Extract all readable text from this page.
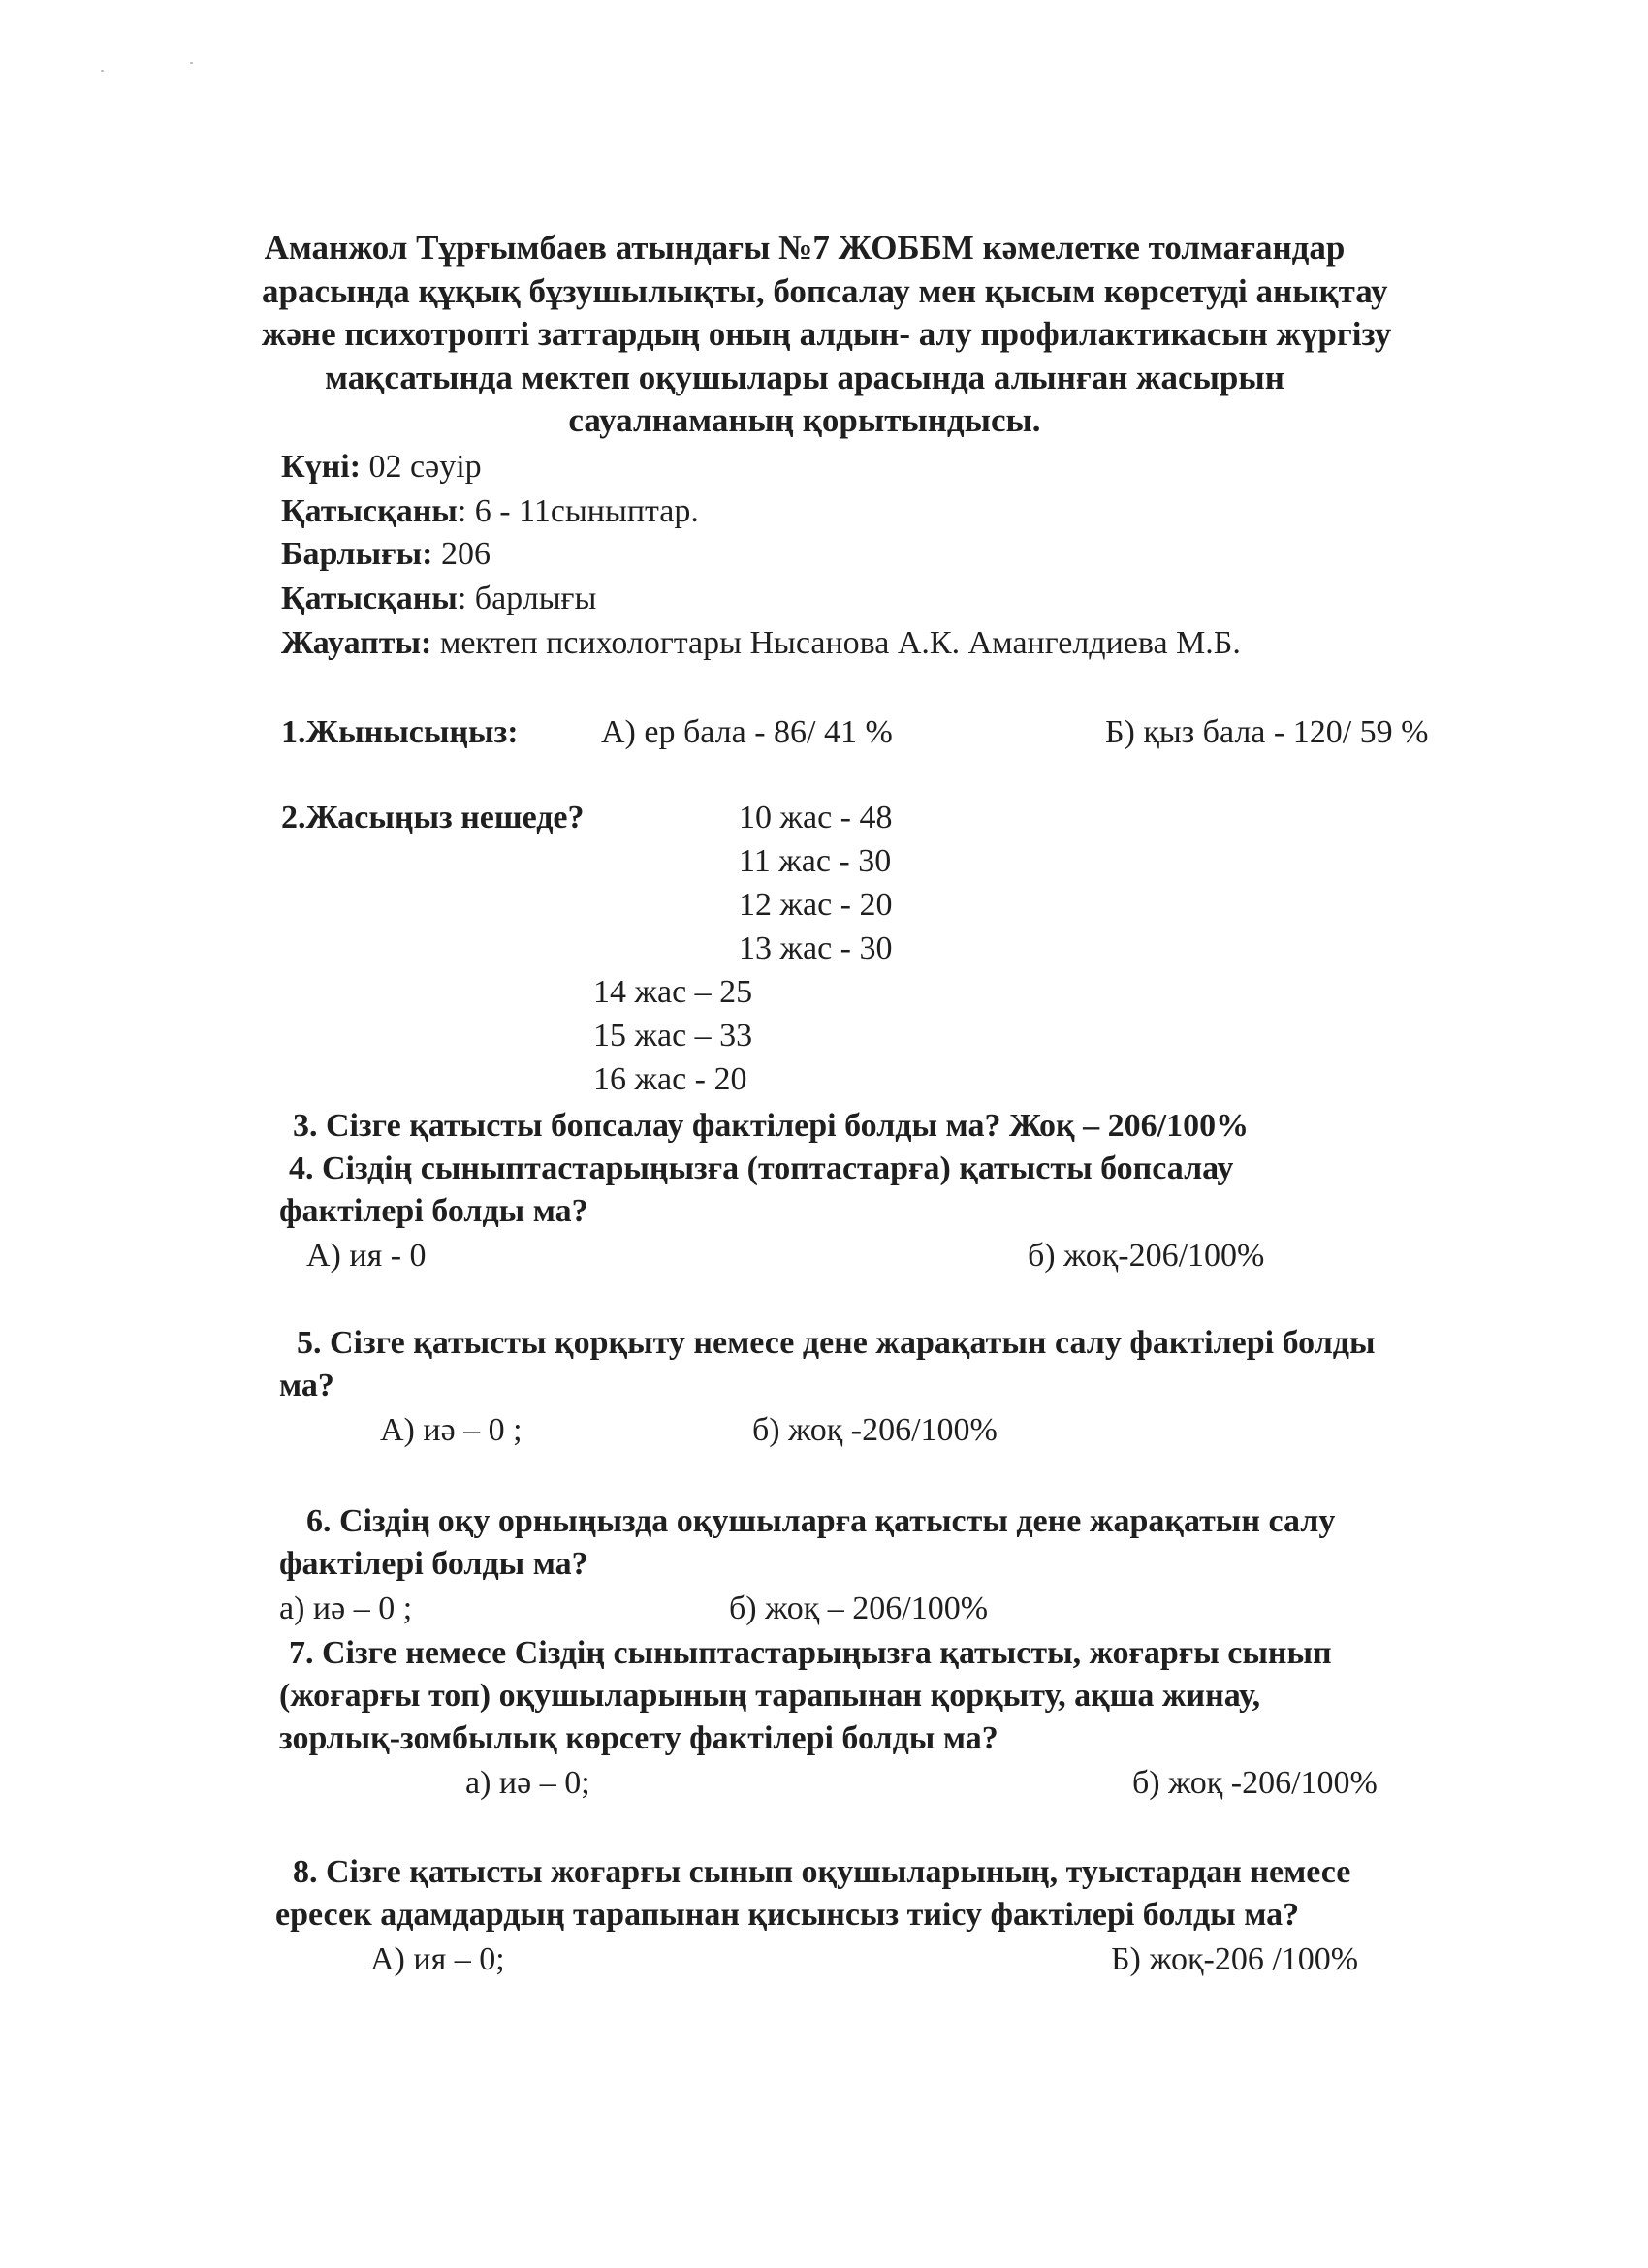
Аманжол Тұрғымбаев атындағы №7 ЖОББМ кәмелетке толмағандар
арасында құқық бұзушылықты, бопсалау мен қысым көрсетуді анықтау
және психотропті заттардың оның алдын- алу профилактикасын жүргізу
мақсатында мектеп оқушылары арасында алынған жасырын
сауалнаманың қорытындысы.
Күні: 02 сәуір
Қатысқаны: 6 - 11сыныптар.
Барлығы: 206
Қатысқаны: барлығы
Жауапты: мектеп психологтары Нысанова А.К. Амангелдиева М.Б.
1.Жынысыңыз:	А) ер бала - 86/ 41 %	Б) қыз бала - 120/ 59 %
2.Жасыңыз нешеде?	10 жас - 48
11 жас - 30
12 жас - 20
13 жас - 30
14 жас – 25
15 жас – 33
16 жас - 20
3. Сізге қатысты бопсалау фактілері болды ма? Жоқ – 206/100%
4. Сіздің сыныптастарыңызға (топтастарға) қатысты бопсалау
фактілері болды ма?
А) ия - 0	б) жоқ-206/100%
5. Сізге қатысты қорқыту немесе дене жарақатын салу фактілері болды
ма?
А) иә – 0 ;	б) жоқ -206/100%
6. Сіздің оқу орныңызда оқушыларға қатысты дене жарақатын салу
фактілері болды ма?
а) иә – 0 ;	б) жоқ – 206/100%
7. Сізге немесе Сіздің сыныптастарыңызға қатысты, жоғарғы сынып
(жоғарғы топ) оқушыларының тарапынан қорқыту, ақша жинау,
зорлық-зомбылық көрсету фактілері болды ма?
а) иә – 0;	б) жоқ -206/100%
8. Сізге қатысты жоғарғы сынып оқушыларының, туыстардан немесе
ересек адамдардың тарапынан қисынсыз тиісу фактілері болды ма?
А) ия – 0;	Б) жоқ-206 /100%
